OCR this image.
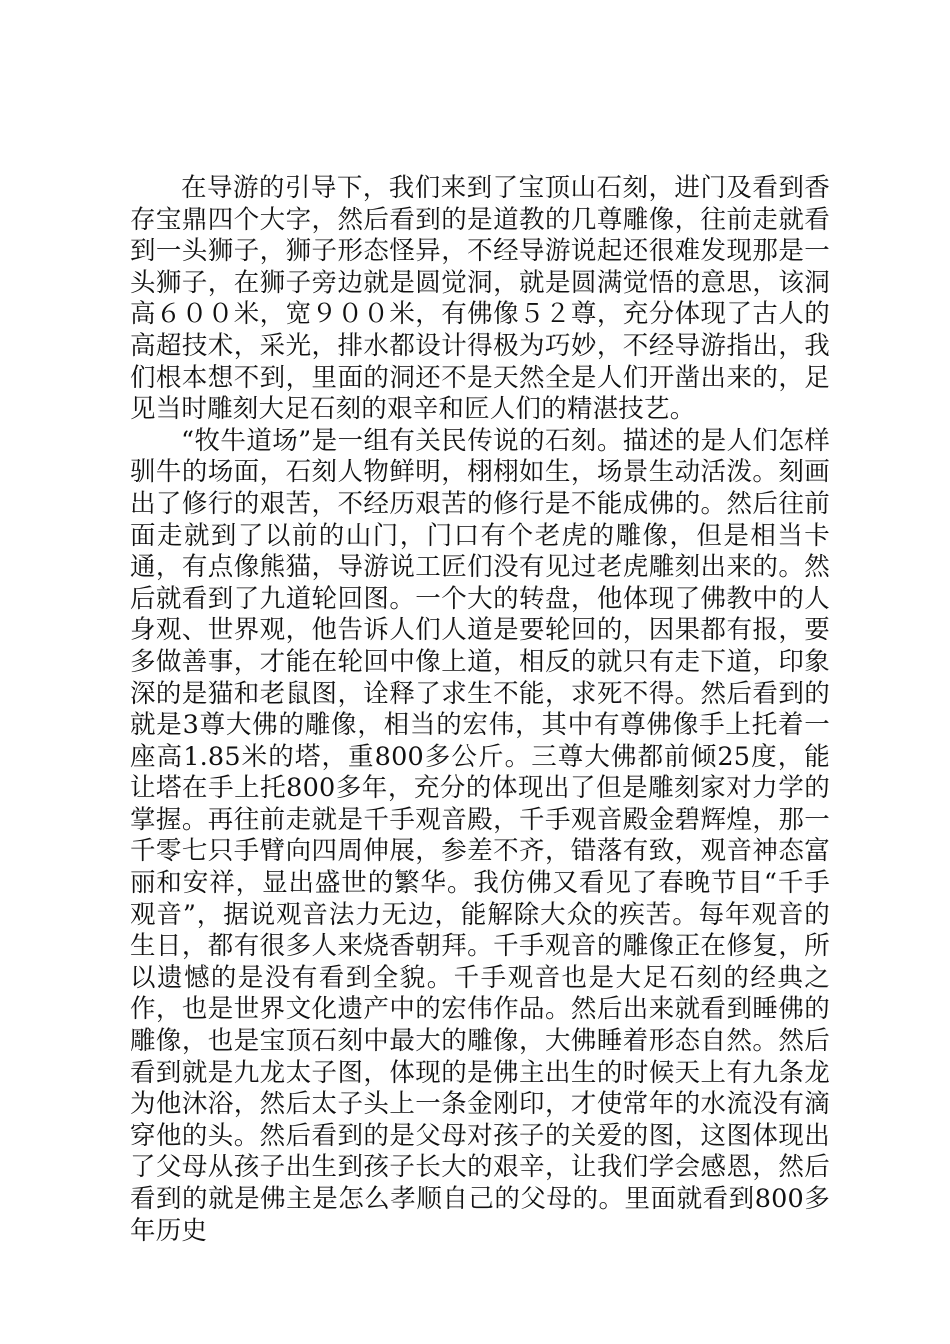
在导游的引导下，我们来到了宝顶山石刻，进门及看到香存宝鼎四个大字，然后看到的是道教的几尊雕像，往前走就看到一头狮子，狮子形态怪异，不经导游说起还很难发现那是一头狮子，在狮子旁边就是圆觉洞，就是圆满觉悟的意思，该洞高６００米，宽９００米，有佛像５２尊，充分体现了古人的高超技术，采光，排水都设计得极为巧妙，不经导游指出，我们根本想不到，里面的洞还不是天然全是人们开凿出来的，足见当时雕刻大足石刻的艰辛和匠人们的精湛技艺。

“牧牛道场”是一组有关民传说的石刻。描述的是人们怎样驯牛的场面，石刻人物鲜明，栩栩如生，场景生动活泼。刻画出了修行的艰苦，不经历艰苦的修行是不能成佛的。然后往前面走就到了以前的山门，门口有个老虎的雕像，但是相当卡通，有点像熊猫，导游说工匠们没有见过老虎雕刻出来的。然后就看到了九道轮回图。一个大的转盘，他体现了佛教中的人身观、世界观，他告诉人们人道是要轮回的，因果都有报，要多做善事，才能在轮回中像上道，相反的就只有走下道，印象深的是猫和老鼠图，诠释了求生不能，求死不得。然后看到的就是3尊大佛的雕像，相当的宏伟，其中有尊佛像手上托着一座高1.85米的塔，重800多公斤。三尊大佛都前倾25度，能让塔在手上托800多年，充分的体现出了但是雕刻家对力学的掌握。再往前走就是千手观音殿，千手观音殿金碧辉煌，那一千零七只手臂向四周伸展，参差不齐，错落有致，观音神态富丽和安祥，显出盛世的繁华。我仿佛又看见了春晚节目“千手观音”，据说观音法力无边，能解除大众的疾苦。每年观音的生日，都有很多人来烧香朝拜。千手观音的雕像正在修复，所以遗憾的是没有看到全貌。千手观音也是大足石刻的经典之作，也是世界文化遗产中的宏伟作品。然后出来就看到睡佛的雕像，也是宝顶石刻中最大的雕像，大佛睡着形态自然。然后看到就是九龙太子图，体现的是佛主出生的时候天上有九条龙为他沐浴，然后太子头上一条金刚印，才使常年的水流没有滴穿他的头。然后看到的是父母对孩子的关爱的图，这图体现出了父母从孩子出生到孩子长大的艰辛，让我们学会感恩，然后看到的就是佛主是怎么孝顺自己的父母的。里面就看到800多年历史
